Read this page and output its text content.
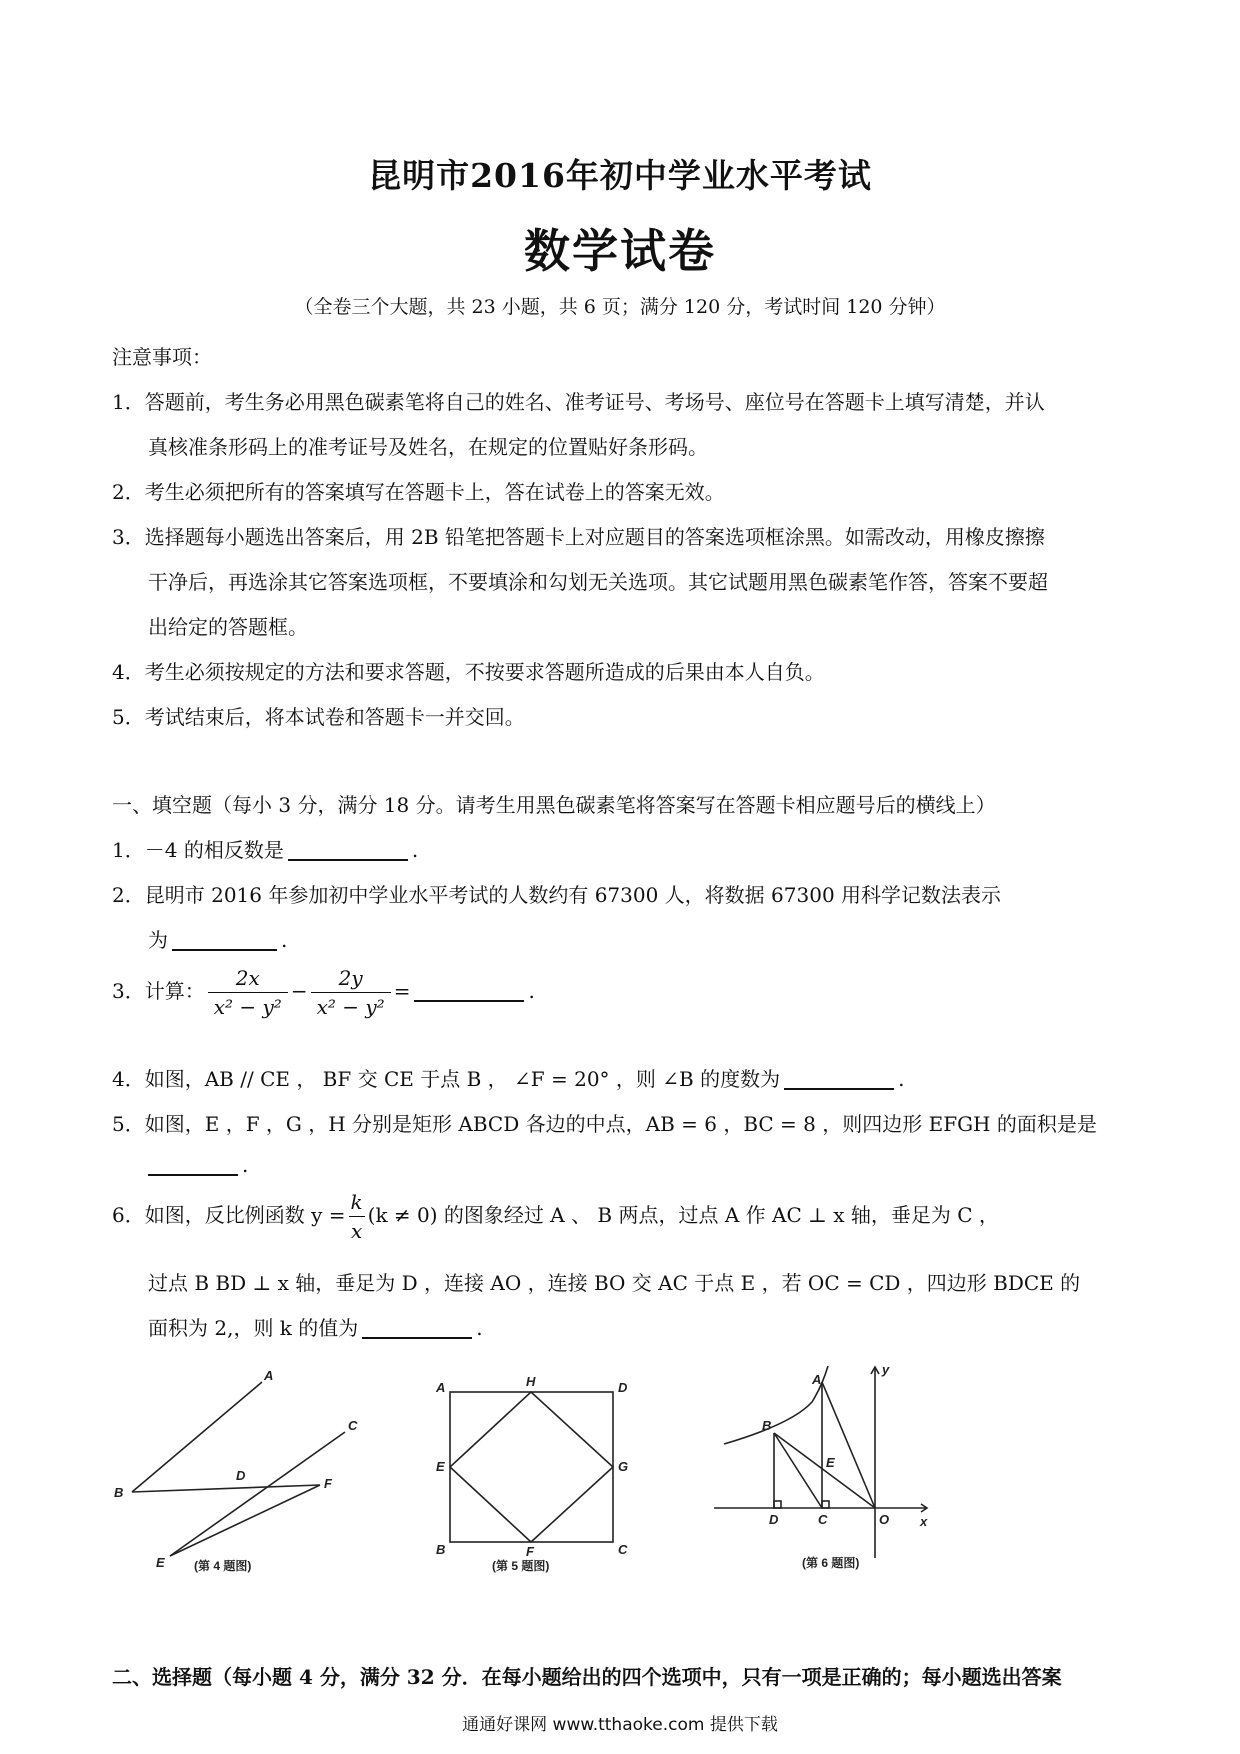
昆明市2016年初中学业水平考试
数学试卷
（全卷三个大题，共 23 小题，共 6 页；满分 120 分，考试时间 120 分钟）
注意事项：
1．答题前，考生务必用黑色碳素笔将自己的姓名、准考证号、考场号、座位号在答题卡上填写清楚，并认
真核准条形码上的准考证号及姓名，在规定的位置贴好条形码。
2．考生必须把所有的答案填写在答题卡上，答在试卷上的答案无效。
3．选择题每小题选出答案后，用 2B 铅笔把答题卡上对应题目的答案选项框涂黑。如需改动，用橡皮擦擦
干净后，再选涂其它答案选项框，不要填涂和勾划无关选项。其它试题用黑色碳素笔作答，答案不要超
出给定的答题框。
4．考生必须按规定的方法和要求答题，不按要求答题所造成的后果由本人自负。
5．考试结束后，将本试卷和答题卡一并交回。
一、填空题（每小 3 分，满分 18 分。请考生用黑色碳素笔将答案写在答题卡相应题号后的横线上）
1．－4 的相反数是	.
2．昆明市 2016 年参加初中学业水平考试的人数约有 67300 人，将数据 67300 用科学记数法表示
为	.
3．计算： $\frac{2x}{\text{x² − y²}} - \frac{2y}{\text{x² − y²}}$ =	.
4．如图，AB // CE ， BF 交 CE 于点 B ， ∠F = 20° ，则 ∠B 的度数为	.
5．如图，E ，F ，G ，H 分别是矩形 ABCD 各边的中点，AB = 6 ，BC = 8 ，则四边形 EFGH 的面积是是
.
6．如图，反比例函数 $y = \frac{k}{x} (k \ne 0)$ 的图象经过 A 、 B 两点，过点 A 作 AC ⊥ x 轴，垂足为 C ，
过点 B BD ⊥ x 轴，垂足为 D ，连接 AO ，连接 BO 交 AC 于点 E ，若 OC = CD ，四边形 BDCE 的
面积为 2,，则 k 的值为	.
A
B
C
D
E
F
(第 4 题图)
A	H	D
E	G
B	F	C
(第 5 题图)
A
B
E
D	C	O x
y
(第 6 题图)
二、选择题（每小题 4 分，满分 32 分．在每小题给出的四个选项中，只有一项是正确的；每小题选出答案
通通好课网 www.tthaoke.com 提供下载
